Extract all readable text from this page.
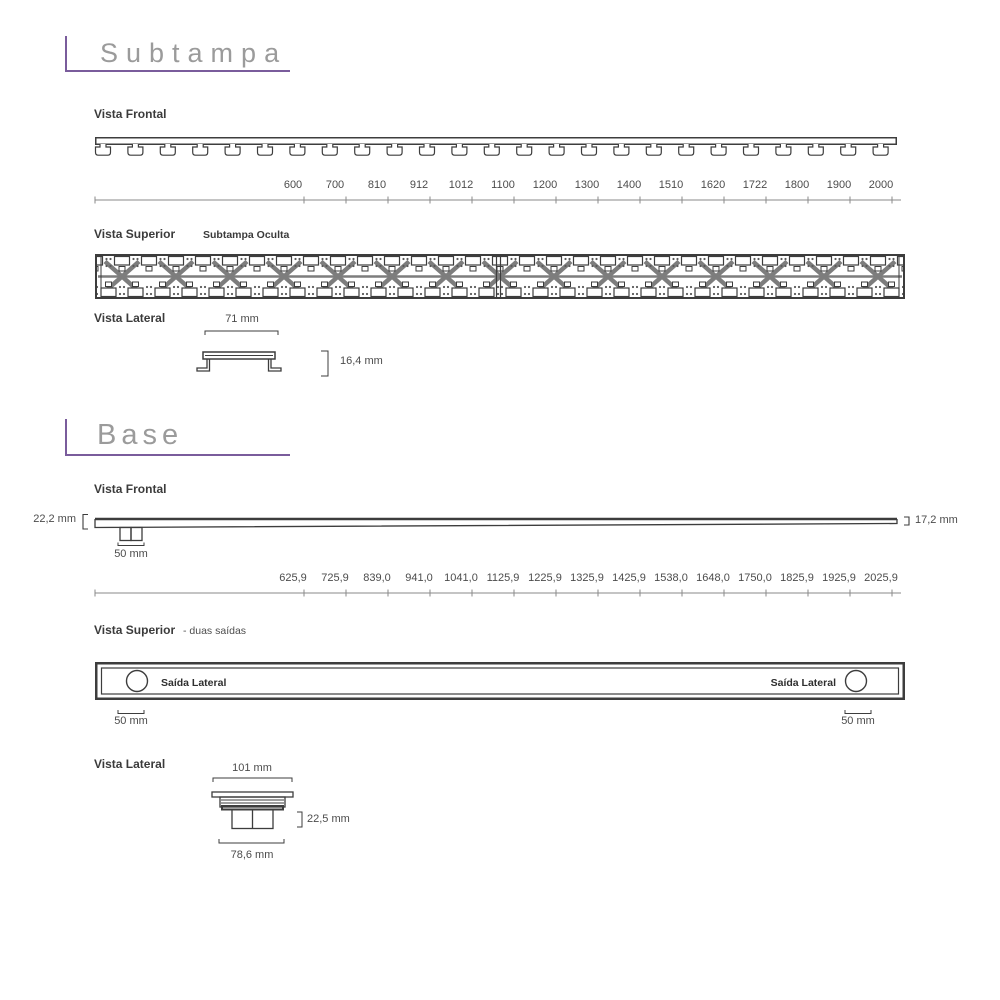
Subtampa
Vista Frontal
600 700 810 912 1012 1100 1200 1300 1400 1510 1620 1722 1800 1900 2000
Vista Superior	Subtampa Oculta
Vista Lateral	71 mm
16,4 mm
Base
Vista Frontal
22,2 mm	17,2 mm
50 mm
625,9 725,9 839,0 941,0 1041,0 1125,9 1225,9 1325,9 1425,9 1538,0 1648,0 1750,0 1825,9 1925,9 2025,9
Vista Superior - duas saídas
Saída Lateral	Saída Lateral
50 mm	50 mm
Vista Lateral	101 mm
22,5 mm
78,6 mm
